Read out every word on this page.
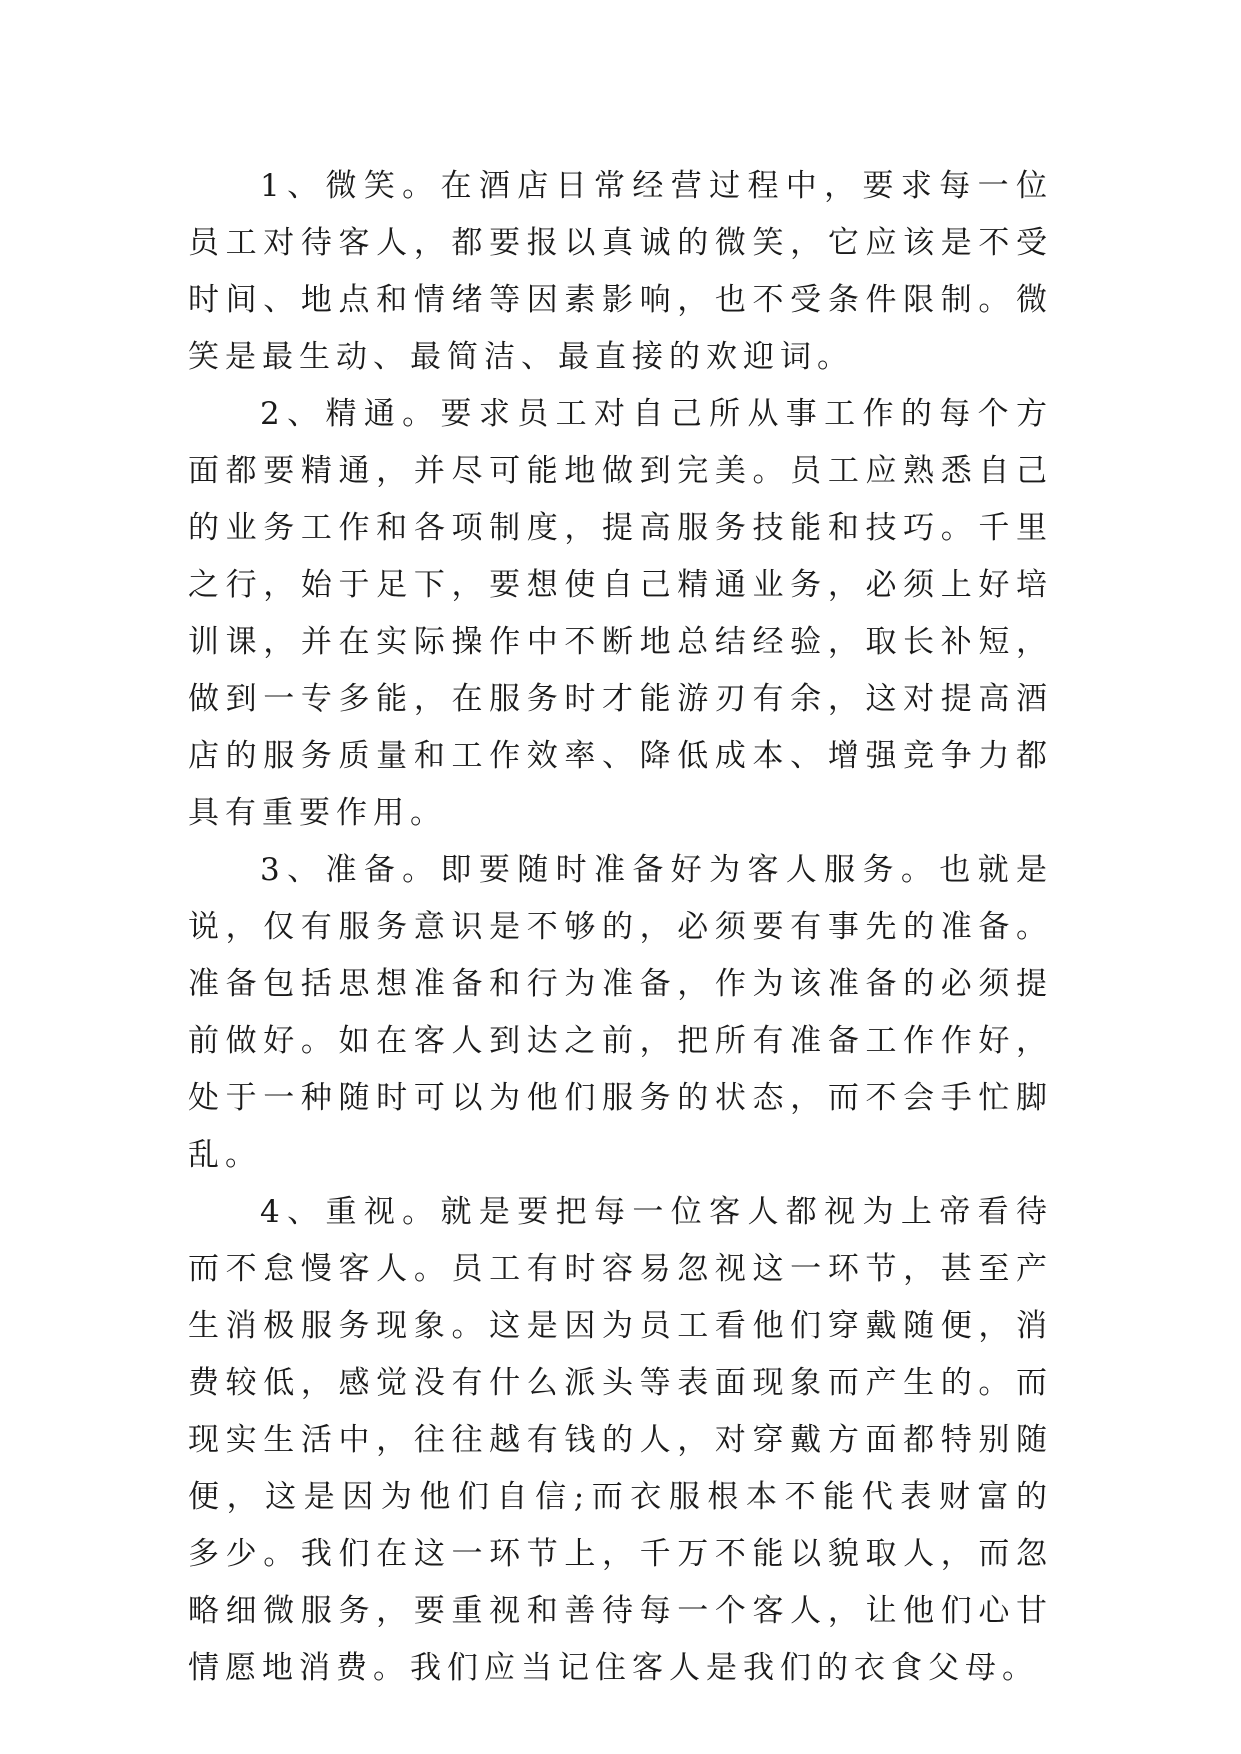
1、微笑。在酒店日常经营过程中，要求每一位员工对待客人，都要报以真诚的微笑，它应该是不受时间、地点和情绪等因素影响，也不受条件限制。微笑是最生动、最简洁、最直接的欢迎词。

2、精通。要求员工对自己所从事工作的每个方面都要精通，并尽可能地做到完美。员工应熟悉自己的业务工作和各项制度，提高服务技能和技巧。千里之行，始于足下，要想使自己精通业务，必须上好培训课，并在实际操作中不断地总结经验，取长补短，做到一专多能，在服务时才能游刃有余，这对提高酒店的服务质量和工作效率、降低成本、增强竞争力都具有重要作用。

3、准备。即要随时准备好为客人服务。也就是说，仅有服务意识是不够的，必须要有事先的准备。准备包括思想准备和行为准备，作为该准备的必须提前做好。如在客人到达之前，把所有准备工作作好，处于一种随时可以为他们服务的状态，而不会手忙脚乱。

4、重视。就是要把每一位客人都视为上帝看待而不怠慢客人。员工有时容易忽视这一环节，甚至产生消极服务现象。这是因为员工看他们穿戴随便，消费较低，感觉没有什么派头等表面现象而产生的。而现实生活中，往往越有钱的人，对穿戴方面都特别随便，这是因为他们自信;而衣服根本不能代表财富的多少。我们在这一环节上，千万不能以貌取人，而忽略细微服务，要重视和善待每一个客人，让他们心甘情愿地消费。我们应当记住客人是我们的衣食父母。
